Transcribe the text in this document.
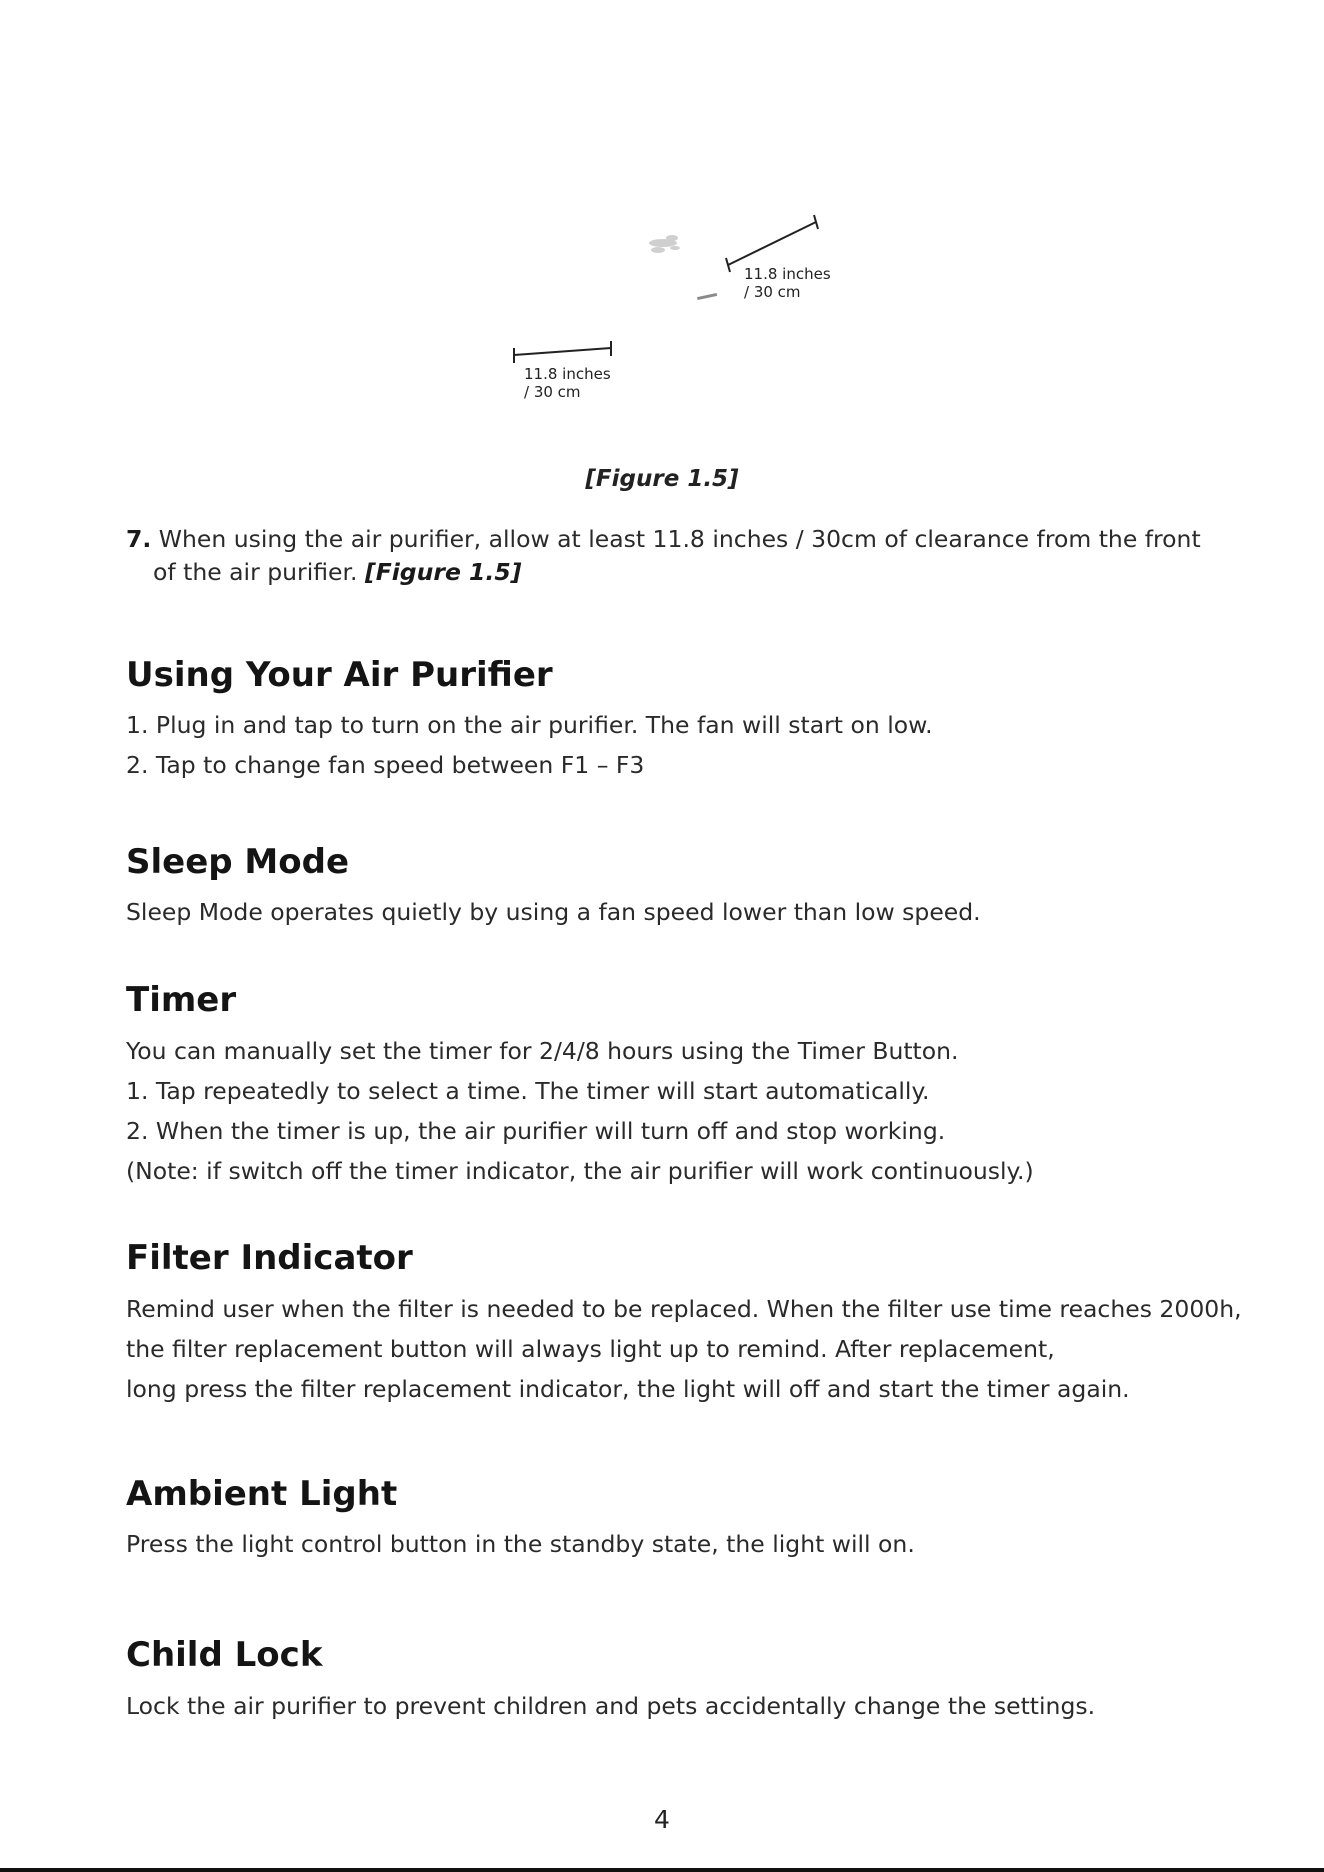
11.8 inches
/ 30 cm
11.8 inches
/ 30 cm
[Figure 1.5]
7. When using the air purifier, allow at least 11.8 inches / 30cm of clearance from the front
of the air purifier. [Figure 1.5]
Using Your Air Purifier
1. Plug in and tap to turn on the air purifier. The fan will start on low.
2. Tap to change fan speed between F1 – F3
Sleep Mode
Sleep Mode operates quietly by using a fan speed lower than low speed.
Timer
You can manually set the timer for 2/4/8 hours using the Timer Button.
1. Tap repeatedly to select a time. The timer will start automatically.
2. When the timer is up, the air purifier will turn off and stop working.
(Note: if switch off the timer indicator, the air purifier will work continuously.)
Filter Indicator
Remind user when the filter is needed to be replaced. When the filter use time reaches 2000h,
the filter replacement button will always light up to remind. After replacement,
long press the filter replacement indicator, the light will off and start the timer again.
Ambient Light
Press the light control button in the standby state, the light will on.
Child Lock
Lock the air purifier to prevent children and pets accidentally change the settings.
4
